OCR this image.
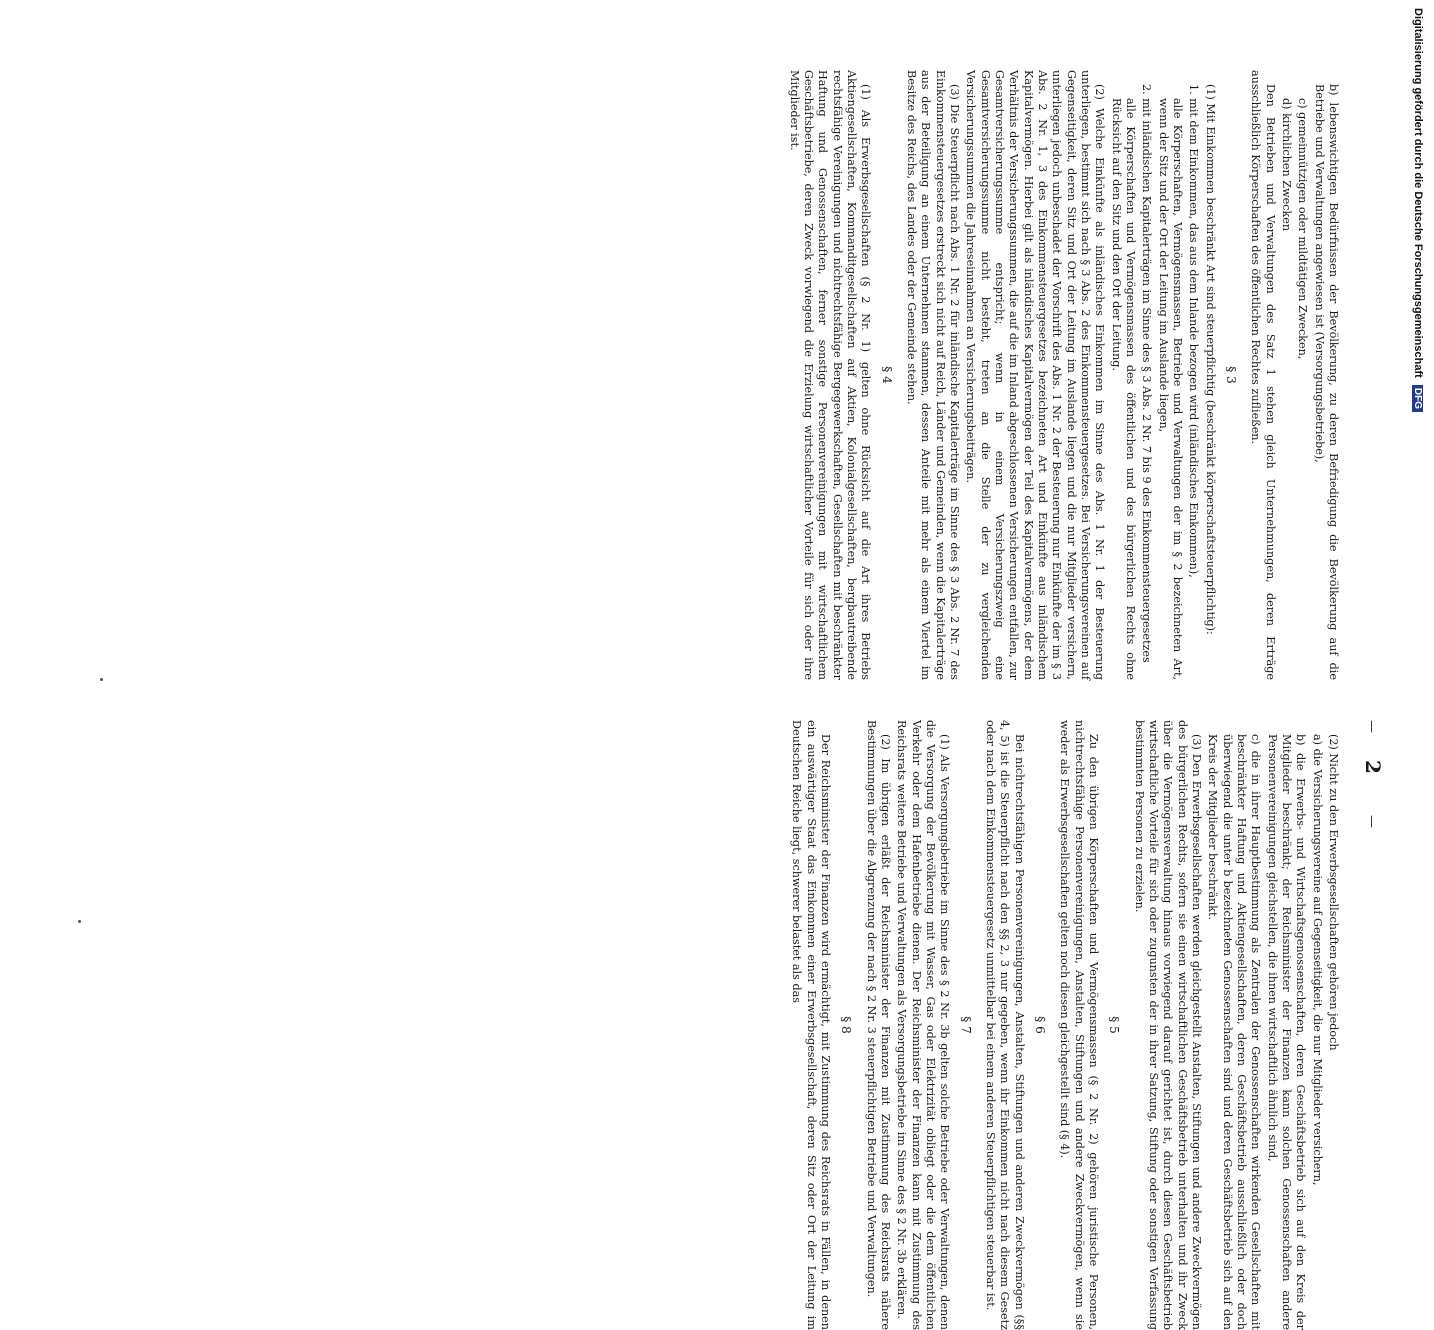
—
2
—

b) lebenswichtigen Bedürfnissen der Bevölkerung, zu deren Befriedigung die Bevölkerung auf die Betriebe und Verwaltungen angewiesen ist (Versorgungsbetriebe),

c) gemeinnützigen oder mildtätigen Zwecken,

d) kirchlichen Zwecken

Den Betrieben und Verwaltungen des Satz 1 stehen gleich Unternehmungen, deren Erträge ausschließlich Körperschaften des öffentlichen Rechtes zufließen.

§ 3

(1) Mit Einkommen beschränkt Art sind steuerpflichtig (beschränkt körperschaftsteuerpflichtig):

1. mit dem Einkommen, das aus dem Inlande bezogen wird (inländisches Einkommen),

alle Körperschaften, Vermögensmassen, Betriebe und Verwaltungen der im § 2 bezeichneten Art, wenn der Sitz und der Ort der Leitung im Auslande liegen,

2. mit inländischen Kapitalerträgen im Sinne des § 3 Abs. 2 Nr. 7 bis 9 des Einkommensteuergesetzes

alle Körperschaften und Vermögensmassen des öffentlichen und des bürgerlichen Rechts ohne Rücksicht auf den Sitz und den Ort der Leitung.

(2) Welche Einkünfte als inländisches Einkommen im Sinne des Abs. 1 Nr. 1 der Besteuerung unterliegen, bestimmt sich nach § 3 Abs. 2 des Einkommensteuergesetzes. Bei Versicherungsvereinen auf Gegenseitigkeit, deren Sitz und Ort der Leitung im Auslande liegen und die nur Mitglieder versichern, unterliegen jedoch unbeschadet der Vorschrift des Abs. 1 Nr. 2 der Besteuerung nur Einkünfte der im § 3 Abs. 2 Nr. 1, 3 des Einkommensteuergesetzes bezeichneten Art und Einkünfte aus inländischem Kapitalvermögen. Hierbei gilt als inländisches Kapitalvermögen der Teil des Kapitalvermögens, der dem Verhältnis der Versicherungssummen, die auf die im Inland abgeschlossenen Versicherungen entfallen, zur Gesamtversicherungssumme entspricht; wenn in einem Versicherungszweig eine Gesamtversicherungssumme nicht besteht, treten an die Stelle der zu vergleichenden Versicherungssummen die Jahreseinnahmen an Versicherungsbeiträgen.

(3) Die Steuerpflicht nach Abs. 1 Nr. 2 für inländische Kapitalerträge im Sinne des § 3 Abs. 2 Nr. 7 des Einkommensteuergesetzes erstreckt sich nicht auf Reich, Länder und Gemeinden, wenn die Kapitalerträge aus der Beteiligung an einem Unternehmen stammen, dessen Anteile mit mehr als einem Viertel im Besitze des Reichs, des Landes oder der Gemeinde stehen.

§ 4

(1) Als Erwerbsgesellschaften (§ 2 Nr. 1) gelten ohne Rücksicht auf die Art ihres Betriebs Aktiengesellschaften, Kommanditgesellschaften auf Aktien, Kolonialgesellschaften, bergbautreibende rechtsfähige Vereinigungen und nichtrechtsfähige Bergegewerkschaften, Gesellschaften mit beschränkter Haftung und Genossenschaften, ferner sonstige Personenvereinigungen mit wirtschaftlichem Geschäftsbetriebe, deren Zweck vorwiegend die Erzielung wirtschaftlicher Vorteile für sich oder ihre Mitglieder ist.

(2) Nicht zu den Erwerbsgesellschaften gehören jedoch

a) die Versicherungsvereine auf Gegenseitigkeit, die nur Mitglieder versichern,

b) die Erwerbs- und Wirtschaftsgenossenschaften, deren Geschäftsbetrieb sich auf den Kreis der Mitglieder beschränkt; der Reichsminister der Finanzen kann solchen Genossenschaften andere Personenvereinigungen gleichstellen, die ihnen wirtschaftlich ähnlich sind,

c) die in ihrer Hauptbestimmung als Zentralen der Genossenschaften wirkenden Gesellschaften mit beschränkter Haftung und Aktiengesellschaften, deren Geschäftsbetrieb ausschließlich oder doch überwiegend die unter b bezeichneten Genossenschaften sind und deren Geschäftsbetrieb sich auf den Kreis der Mitglieder beschränkt.

(3) Den Erwerbsgesellschaften werden gleichgestellt Anstalten, Stiftungen und andere Zweckvermögen des bürgerlichen Rechts, sofern sie einen wirtschaftlichen Geschäftsbetrieb unterhalten und ihr Zweck über die Vermögensverwaltung hinaus vorwiegend darauf gerichtet ist, durch diesen Geschäftsbetrieb wirtschaftliche Vorteile für sich oder zugunsten der in ihrer Satzung, Stiftung oder sonstigen Verfassung bestimmten Personen zu erzielen.

§ 5

Zu den übrigen Körperschaften und Vermögensmassen (§ 2 Nr. 2) gehören juristische Personen, nichtrechtsfähige Personenvereinigungen, Anstalten, Stiftungen und andere Zweckvermögen, wenn sie weder als Erwerbsgesellschaften gelten noch diesen gleichgestellt sind (§ 4).

§ 6

Bei nichtrechtsfähigen Personenvereinigungen, Anstalten, Stiftungen und anderen Zweckvermögen (§§ 4, 5) ist die Steuerpflicht nach den §§ 2, 3 nur gegeben, wenn ihr Einkommen nicht nach diesem Gesetz oder nach dem Einkommensteuergesetz unmittelbar bei einem anderen Steuerpflichtigen steuerbar ist.

§ 7

(1) Als Versorgungsbetriebe im Sinne des § 2 Nr. 3b gelten solche Betriebe oder Verwaltungen, denen die Versorgung der Bevölkerung mit Wasser, Gas oder Elektrizität obliegt oder die dem öffentlichen Verkehr oder dem Hafenbetriebe dienen. Der Reichsminister der Finanzen kann mit Zustimmung des Reichsrats weitere Betriebe und Verwaltungen als Versorgungsbetriebe im Sinne des § 2 Nr. 3b erklären.

(2) Im übrigen erläßt der Reichsminister der Finanzen mit Zustimmung des Reichsrats nähere Bestimmungen über die Abgrenzung der nach § 2 Nr. 3 steuerpflichtigen Betriebe und Verwaltungen.

§ 8

Der Reichsminister der Finanzen wird ermächtigt, mit Zustimmung des Reichsrats in Fällen, in denen ein auswärtiger Staat das Einkommen einer Erwerbsgesellschaft, deren Sitz oder Ort der Leitung im Deutschen Reiche liegt, schwerer belastet als das

Digitalisierung gefördert durch die Deutsche Forschungsgemeinschaft DFG
